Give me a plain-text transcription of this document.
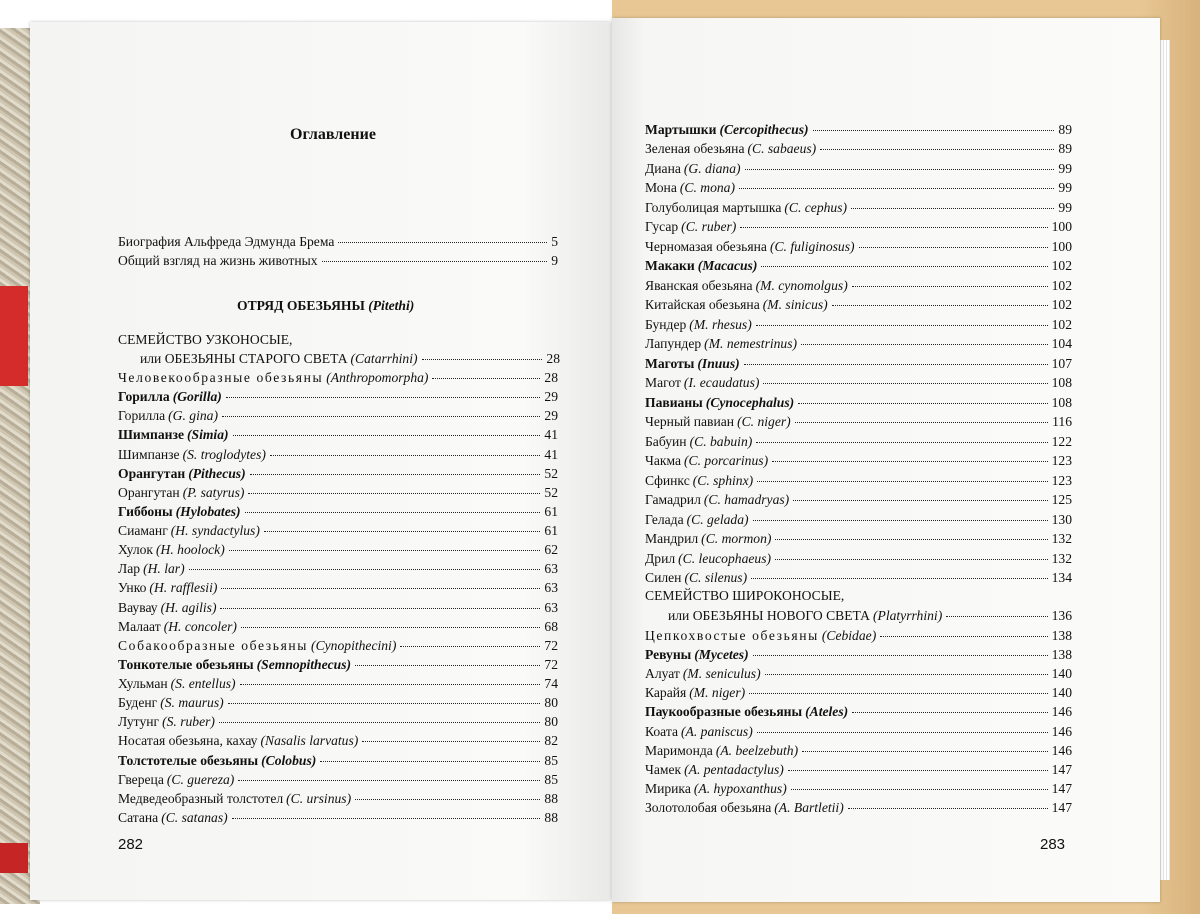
Оглавление
Биография Альфреда Эдмунда Брема	5
Общий взгляд на жизнь животных	9
ОТРЯД ОБЕЗЬЯНЫ (Pitethi)
СЕМЕЙСТВО УЗКОНОСЫЕ,
или ОБЕЗЬЯНЫ СТАРОГО СВЕТА (Catarrhini)	28
Человекообразные обезьяны (Anthropomorpha)	28
Горилла (Gorilla)	29
Горилла (G. gina)	29
Шимпанзе (Simia)	41
Шимпанзе (S. troglodytes)	41
Орангутан (Pithecus)	52
Орангутан (P. satyrus)	52
Гиббоны (Hylobates)	61
Сиаманг (H. syndactylus)	61
Хулок (H. hoolock)	62
Лар (H. lar)	63
Унко (H. rafflesii)	63
Ваувау (H. agilis)	63
Малаат (H. concoler)	68
Собакообразные обезьяны (Cynopithecini)	72
Тонкотелые обезьяны (Semnopithecus)	72
Хульман (S. entellus)	74
Буденг (S. maurus)	80
Лутунг (S. ruber)	80
Носатая обезьяна, кахау (Nasalis larvatus)	82
Толстотелые обезьяны (Colobus)	85
Гвереца (C. guereza)	85
Медведеобразный толстотел (C. ursinus)	88
Сатана (C. satanas)	88
282
Мартышки (Cercopithecus)	89
Зеленая обезьяна (C. sabaeus)	89
Диана (G. diana)	99
Мона (C. mona)	99
Голуболицая мартышка (C. cephus)	99
Гусар (C. ruber)	100
Черномазая обезьяна (C. fuliginosus)	100
Макаки (Macacus)	102
Яванская обезьяна (M. cynomolgus)	102
Китайская обезьяна (M. sinicus)	102
Бундер (M. rhesus)	102
Лапундер (M. nemestrinus)	104
Маготы (Inuus)	107
Магот (I. ecaudatus)	108
Павианы (Cynocephalus)	108
Черный павиан (C. niger)	116
Бабуин (C. babuin)	122
Чакма (C. porcarinus)	123
Сфинкс (C. sphinx)	123
Гамадрил (C. hamadryas)	125
Гелада (C. gelada)	130
Мандрил (C. mormon)	132
Дрил (C. leucophaeus)	132
Силен (C. silenus)	134
СЕМЕЙСТВО ШИРОКОНОСЫЕ,
или ОБЕЗЬЯНЫ НОВОГО СВЕТА (Platyrrhini)	136
Цепкохвостые обезьяны (Cebidae)	138
Ревуны (Mycetes)	138
Алуат (M. seniculus)	140
Карайя (M. niger)	140
Паукообразные обезьяны (Ateles)	146
Коата (A. paniscus)	146
Маримонда (A. beelzebuth)	146
Чамек (A. pentadactylus)	147
Мирика (A. hypoxanthus)	147
Золотолобая обезьяна (A. Bartletii)	147
283
